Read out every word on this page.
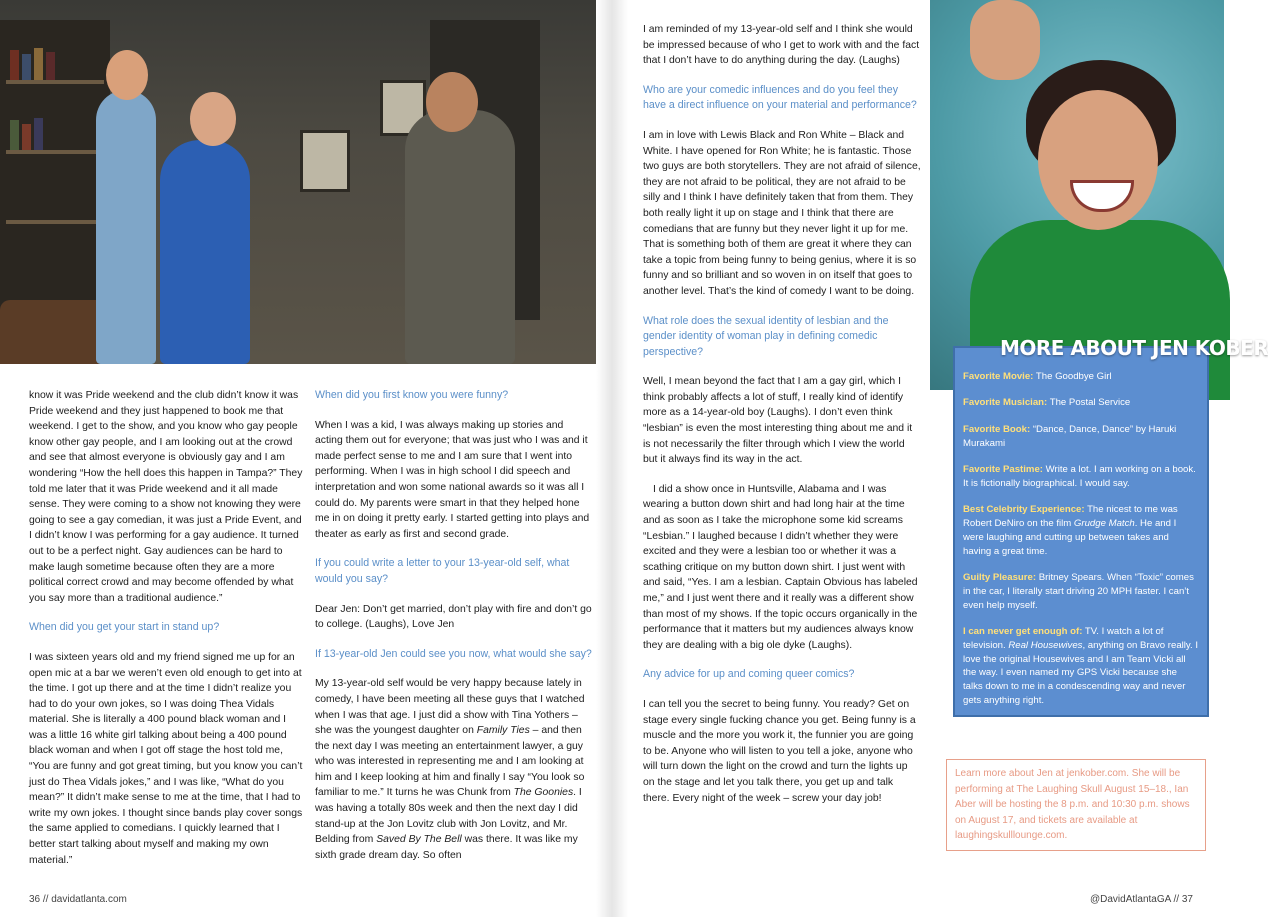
know it was Pride weekend and the club didn’t know it was Pride weekend and they just happened to book me that weekend. I get to the show, and you know who gay people know other gay people, and I am looking out at the crowd and see that almost everyone is obviously gay and I am wondering “How the hell does this happen in Tampa?” They told me later that it was Pride weekend and it all made sense. They were coming to a show not knowing they were going to see a gay comedian, it was just a Pride Event, and I didn’t know I was performing for a gay audience. It turned out to be a perfect night. Gay audiences can be hard to make laugh sometime because often they are a more political correct crowd and may become offended by what you say more than a traditional audience.”

When did you get your start in stand up?

I was sixteen years old and my friend signed me up for an open mic at a bar we weren’t even old enough to get into at the time. I got up there and at the time I didn’t realize you had to do your own jokes, so I was doing Thea Vidals material. She is literally a 400 pound black woman and I was a little 16 white girl talking about being a 400 pound black woman and when I got off stage the host told me, “You are funny and got great timing, but you know you can’t just do Thea Vidals jokes,” and I was like, “What do you mean?” It didn’t make sense to me at the time, that I had to write my own jokes. I thought since bands play cover songs the same applied to comedians. I quickly learned that I better start talking about myself and making my own material.”

When did you first know you were funny?

When I was a kid, I was always making up stories and acting them out for everyone; that was just who I was and it made perfect sense to me and I am sure that I went into performing. When I was in high school I did speech and interpretation and won some national awards so it was all I could do. My parents were smart in that they helped hone me in on doing it pretty early. I started getting into plays and theater as early as first and second grade.

If you could write a letter to your 13-year-old self, what would you say?

Dear Jen: Don’t get married, don’t play with fire and don’t go to college. (Laughs), Love Jen

If 13-year-old Jen could see you now, what would she say?

My 13-year-old self would be very happy because lately in comedy, I have been meeting all these guys that I watched when I was that age. I just did a show with Tina Yothers – she was the youngest daughter on Family Ties – and then the next day I was meeting an entertainment lawyer, a guy who was interested in representing me and I am looking at him and I keep looking at him and finally I say “You look so familiar to me.” It turns he was Chunk from The Goonies. I was having a totally 80s week and then the next day I did stand-up at the Jon Lovitz club with Jon Lovitz, and Mr. Belding from Saved By The Bell was there. It was like my sixth grade dream day. So often

36 // davidatlanta.com

I am reminded of my 13-year-old self and I think she would be impressed because of who I get to work with and the fact that I don’t have to do anything during the day. (Laughs)

Who are your comedic influences and do you feel they have a direct influence on your material and performance?

I am in love with Lewis Black and Ron White – Black and White. I have opened for Ron White; he is fantastic. Those two guys are both storytellers. They are not afraid of silence, they are not afraid to be political, they are not afraid to be silly and I think I have definitely taken that from them. They both really light it up on stage and I think that there are comedians that are funny but they never light it up for me. That is something both of them are great it where they can take a topic from being funny to being genius, where it is so funny and so brilliant and so woven in on itself that goes to another level. That’s the kind of comedy I want to be doing.

What role does the sexual identity of lesbian and the gender identity of woman play in defining comedic perspective?

Well, I mean beyond the fact that I am a gay girl, which I think probably affects a lot of stuff, I really kind of identify more as a 14-year-old boy (Laughs). I don’t even think “lesbian” is even the most interesting thing about me and it is not necessarily the filter through which I view the world but it always find its way in the act.

I did a show once in Huntsville, Alabama and I was wearing a button down shirt and had long hair at the time and as soon as I take the microphone some kid screams “Lesbian.” I laughed because I didn’t whether they were excited and they were a lesbian too or whether it was a scathing critique on my button down shirt. I just went with and said, “Yes. I am a lesbian. Captain Obvious has labeled me,” and I just went there and it really was a different show than most of my shows. If the topic occurs organically in the performance that it matters but my audiences always know they are dealing with a big ole dyke (Laughs).

Any advice for up and coming queer comics?

I can tell you the secret to being funny. You ready? Get on stage every single fucking chance you get. Being funny is a muscle and the more you work it, the funnier you are going to be. Anyone who will listen to you tell a joke, anyone who will turn down the light on the crowd and turn the lights up on the stage and let you talk there, you get up and talk there. Every night of the week – screw your day job!

@DavidAtlantaGA // 37
Favorite Movie: The Goodbye Girl
Favorite Musician: The Postal Service
Favorite Book: “Dance, Dance, Dance” by Haruki Murakami
Favorite Pastime: Write a lot. I am working on a book. It is fictionally biographical. I would say.
Best Celebrity Experience: The nicest to me was Robert DeNiro on the film Grudge Match. He and I were laughing and cutting up between takes and having a great time.
Guilty Pleasure: Britney Spears. When “Toxic” comes in the car, I literally start driving 20 MPH faster. I can’t even help myself.
I can never get enough of: TV. I watch a lot of television. Real Housewives, anything on Bravo really. I love the original Housewives and I am Team Vicki all the way. I even named my GPS Vicki because she talks down to me in a condescending way and never gets anything right.
MORE ABOUT JEN KOBER
Learn more about Jen at jenkober.com. She will be performing at The Laughing Skull August 15–18., Ian Aber will be hosting the 8 p.m. and 10:30 p.m. shows on August 17, and tickets are available at laughingskulllounge.com.
